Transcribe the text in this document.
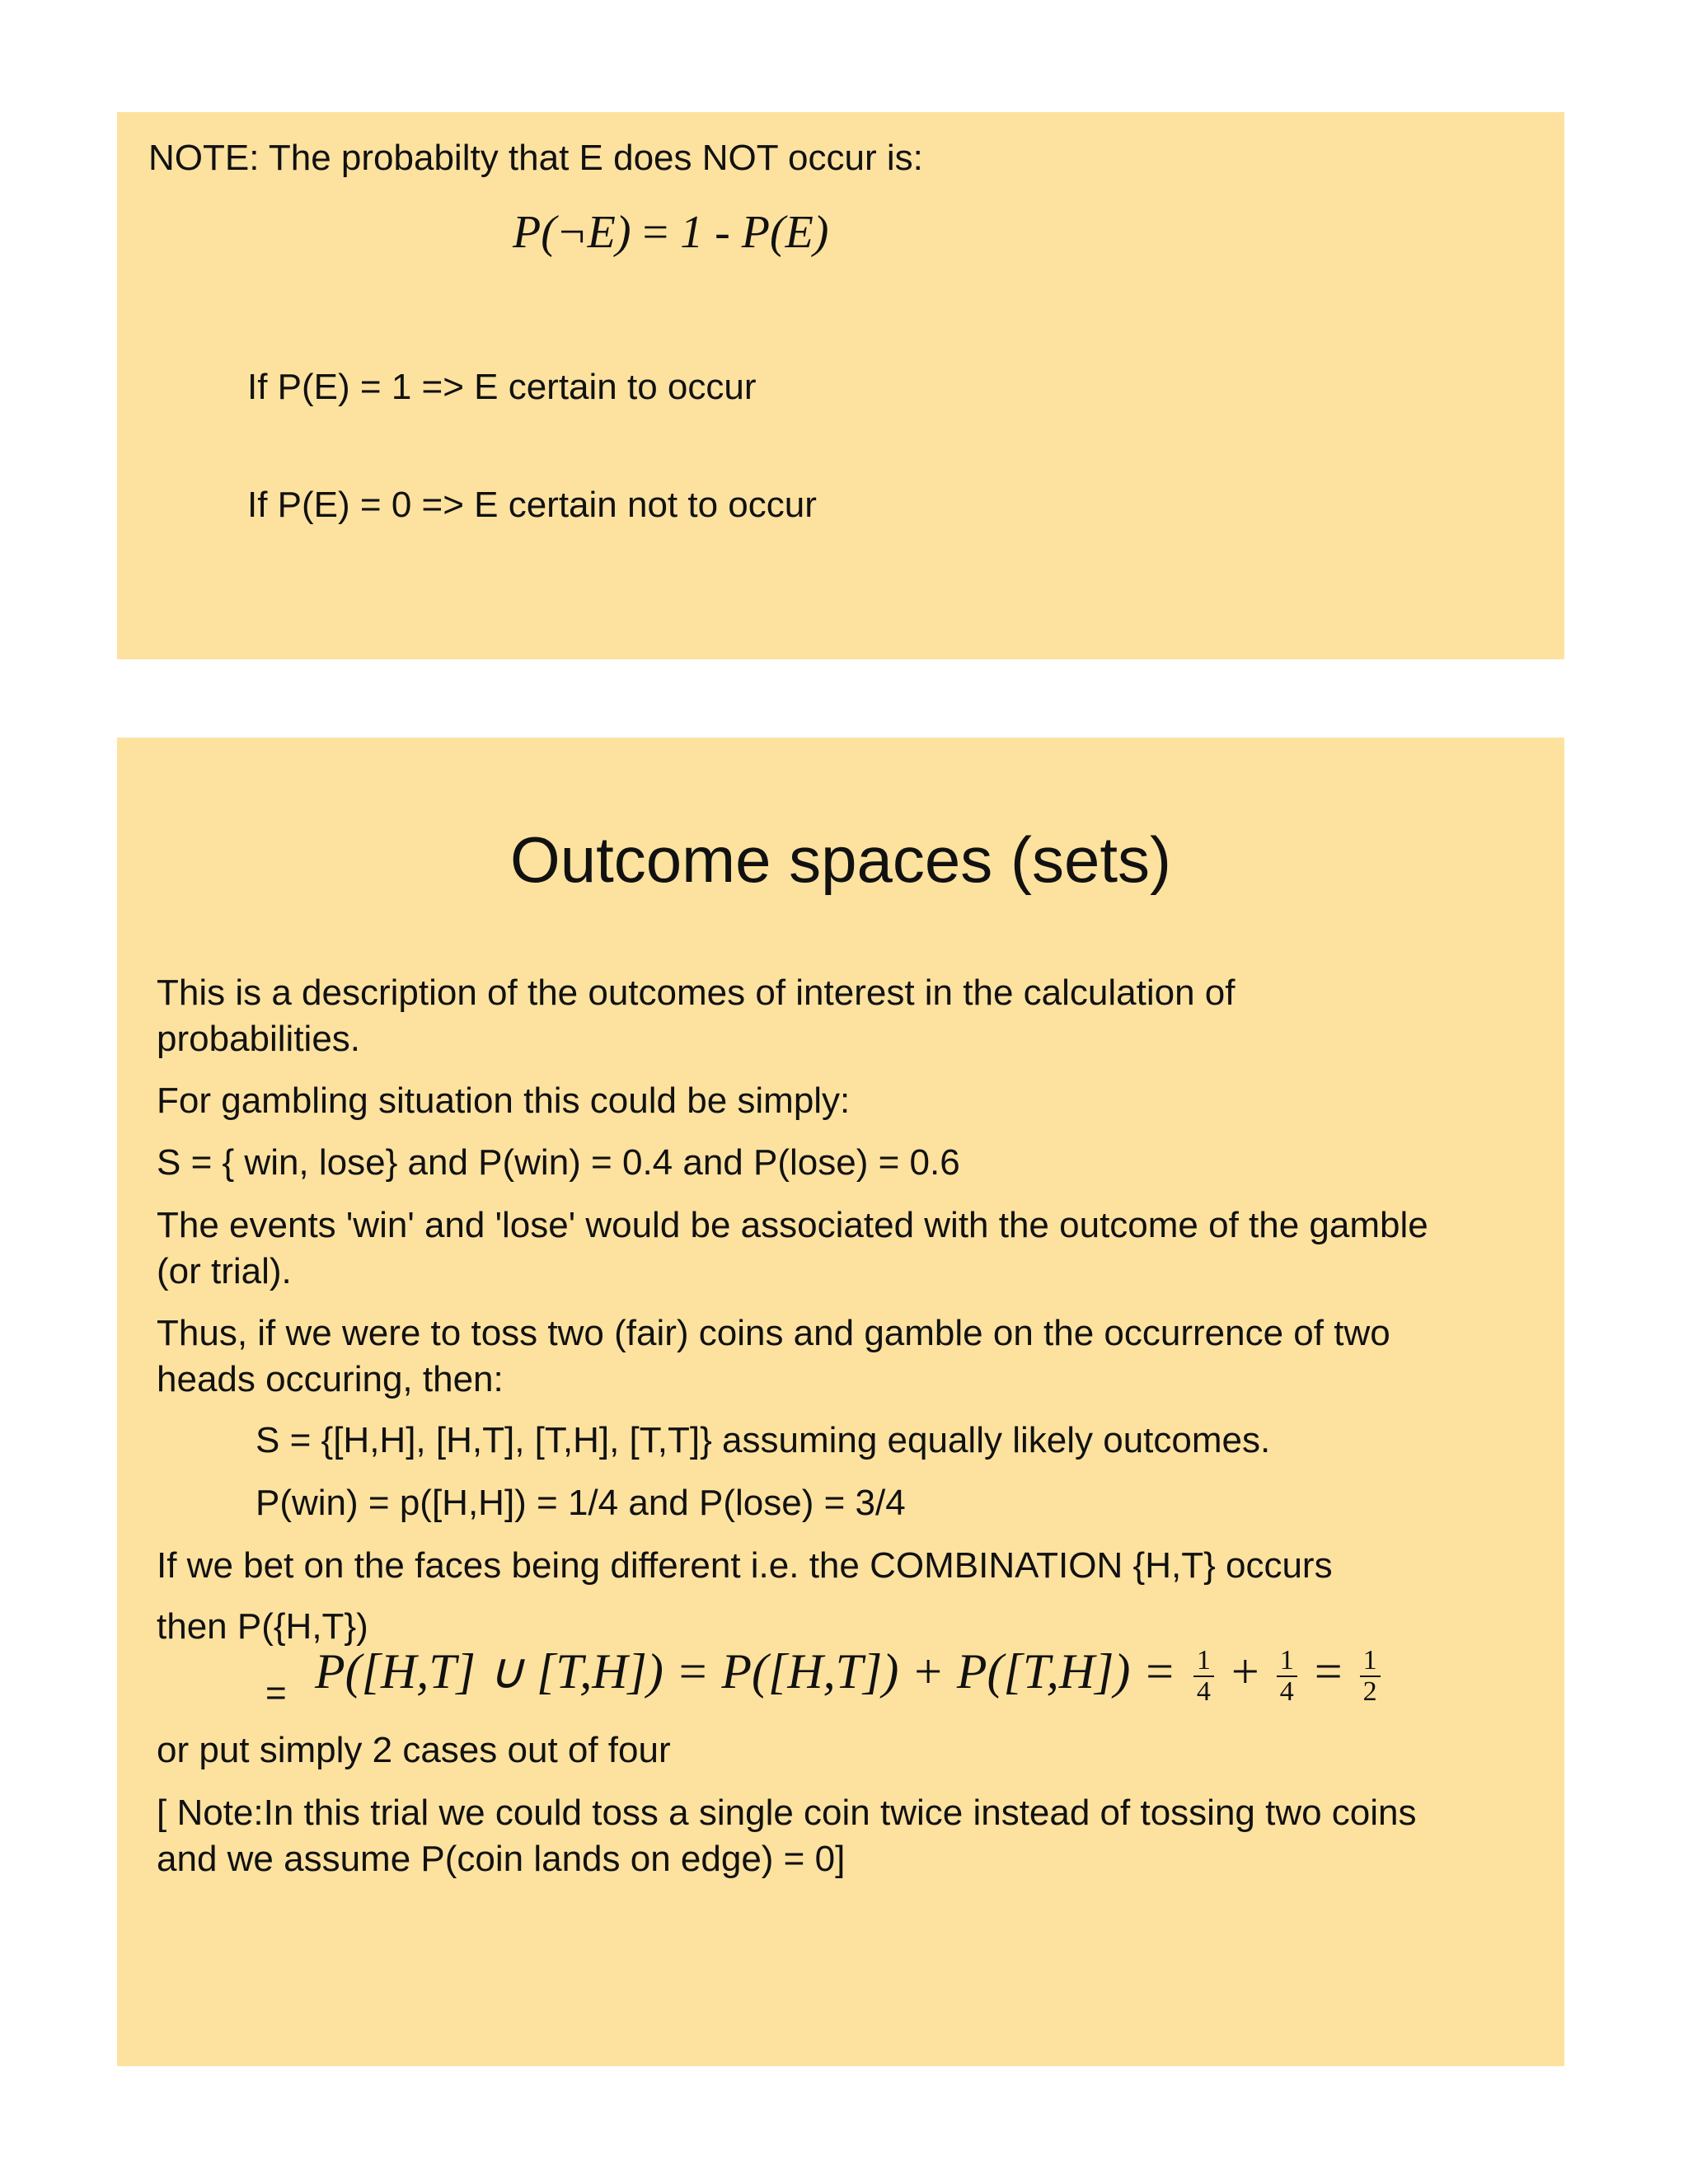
NOTE: The probabilty that E does NOT occur is:
P(¬E) = 1 - P(E)
If P(E) = 1 => E certain to occur
If P(E) = 0 => E certain not to occur
Outcome spaces (sets)
This is a description of the outcomes of interest in the calculation of
probabilities.
For gambling situation this could be simply:
S = { win, lose} and P(win) = 0.4 and P(lose) = 0.6
The events 'win' and 'lose' would be associated with the outcome of the gamble
(or trial).
Thus, if we were to toss two (fair) coins and gamble on the occurrence of two
heads occuring, then:
S = {[H,H], [H,T], [T,H], [T,T]} assuming equally likely outcomes.
P(win) = p([H,H]) = 1/4 and P(lose) = 3/4
If we bet on the faces being different i.e. the COMBINATION {H,T} occurs
then P({H,T})
= P([H,T] ∪ $[T,H]) = P([H,T]) + P([T,H]) = \frac{1}{4} + \frac{1}{4} = \frac{1}{2}$
or put simply 2 cases out of four
[ Note:In this trial we could toss a single coin twice instead of tossing two coins
and we assume P(coin lands on edge) = 0]
